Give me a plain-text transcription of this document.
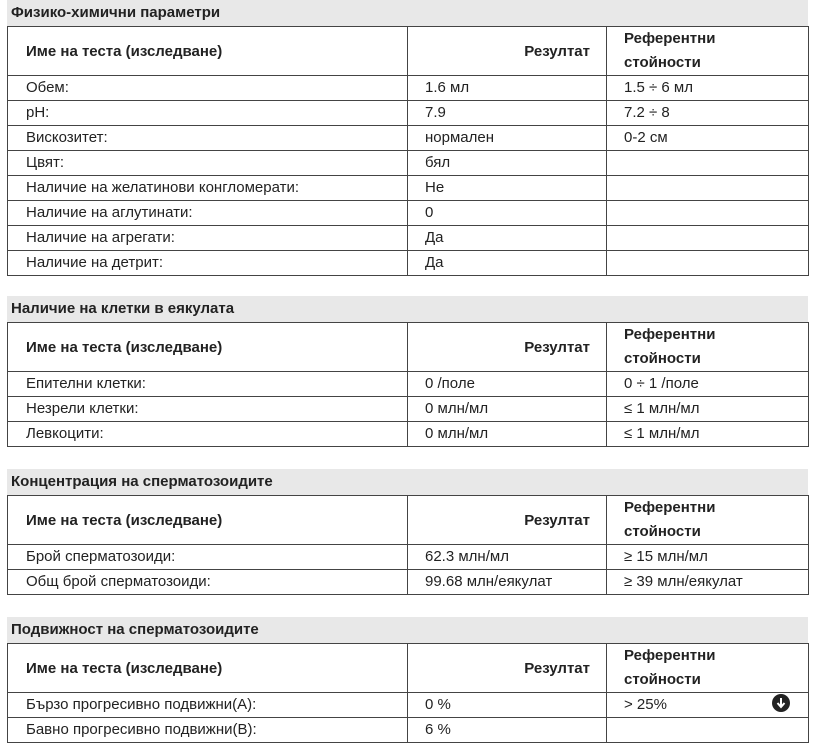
Физико-химични параметри
Име на теста (изследване)	Резултат	Референтни
стойности
Обем:	1.6 мл	1.5 ÷ 6 мл
pH:	7.9	7.2 ÷ 8
Вискозитет:	нормален	0-2 см
Цвят:	бял	
Наличие на желатинови конгломерати:	Не	
Наличие на аглутинати:	0	
Наличие на агрегати:	Да	
Наличие на детрит:	Да	
Наличие на клетки в еякулата
Име на теста (изследване)	Резултат	Референтни
стойности
Епителни клетки:	0 /поле	0 ÷ 1 /поле
Незрели клетки:	0 млн/мл	≤ 1 млн/мл
Левкоцити:	0 млн/мл	≤ 1 млн/мл
Концентрация на сперматозоидите
Име на теста (изследване)	Резултат	Референтни
стойности
Брой сперматозоиди:	62.3 млн/мл	≥ 15 млн/мл
Общ брой сперматозоиди:	99.68 млн/еякулат	≥ 39 млн/еякулат
Подвижност на сперматозоидите
Име на теста (изследване)	Резултат	Референтни
стойности
Бързо прогресивно подвижни(A):	0 %	> 25%
Бавно прогресивно подвижни(B):	6 %	
